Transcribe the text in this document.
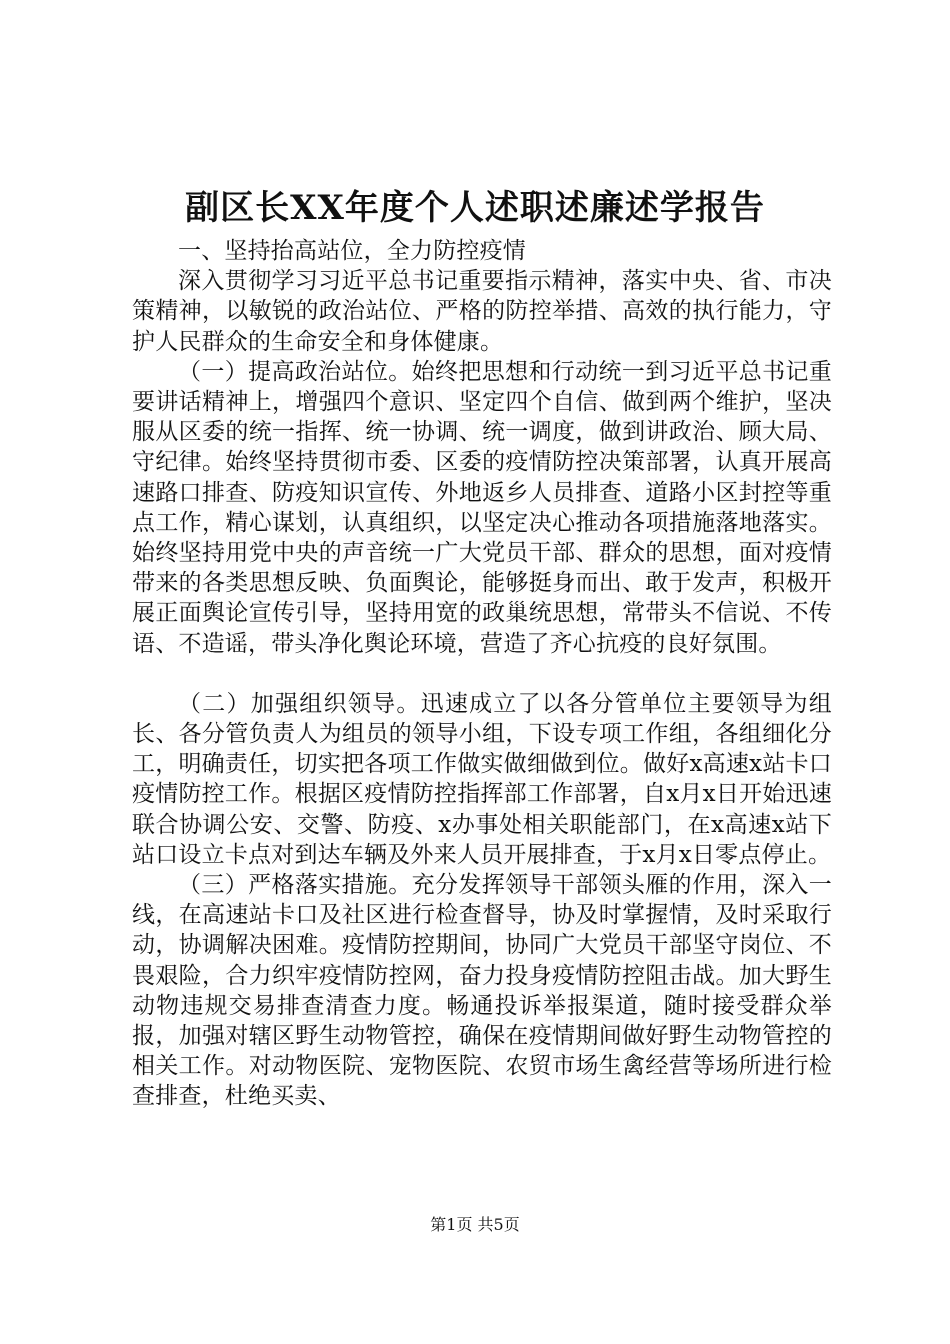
副区长XX年度个人述职述廉述学报告

一、坚持抬高站位，全力防控疫情

深入贯彻学习习近平总书记重要指示精神，落实中央、省、市决策精神，以敏锐的政治站位、严格的防控举措、高效的执行能力，守护人民群众的生命安全和身体健康。

（一）提高政治站位。始终把思想和行动统一到习近平总书记重要讲话精神上，增强四个意识、坚定四个自信、做到两个维护，坚决服从区委的统一指挥、统一协调、统一调度，做到讲政治、顾大局、守纪律。始终坚持贯彻市委、区委的疫情防控决策部署，认真开展高速路口排查、防疫知识宣传、外地返乡人员排查、道路小区封控等重点工作，精心谋划，认真组织，以坚定决心推动各项措施落地落实。始终坚持用党中央的声音统一广大党员干部、群众的思想，面对疫情带来的各类思想反映、负面舆论，能够挺身而出、敢于发声，积极开展正面舆论宣传引导，坚持用宽的政巢统思想，常带头不信说、不传语、不造谣，带头净化舆论环境，营造了齐心抗疫的良好氛围。

（二）加强组织领导。迅速成立了以各分管单位主要领导为组长、各分管负责人为组员的领导小组，下设专项工作组，各组细化分工，明确责任，切实把各项工作做实做细做到位。做好x高速x站卡口疫情防控工作。根据区疫情防控指挥部工作部署，自x月x日开始迅速联合协调公安、交警、防疫、x办事处相关职能部门，在x高速x站下站口设立卡点对到达车辆及外来人员开展排查，于x月x日零点停止。

（三）严格落实措施。充分发挥领导干部领头雁的作用，深入一线，在高速站卡口及社区进行检查督导，协及时掌握情，及时采取行动，协调解决困难。疫情防控期间，协同广大党员干部坚守岗位、不畏艰险，合力织牢疫情防控网，奋力投身疫情防控阻击战。加大野生动物违规交易排查清查力度。畅通投诉举报渠道，随时接受群众举报，加强对辖区野生动物管控，确保在疫情期间做好野生动物管控的相关工作。对动物医院、宠物医院、农贸市场生禽经营等场所进行检查排查，杜绝买卖、

第1页 共5页
